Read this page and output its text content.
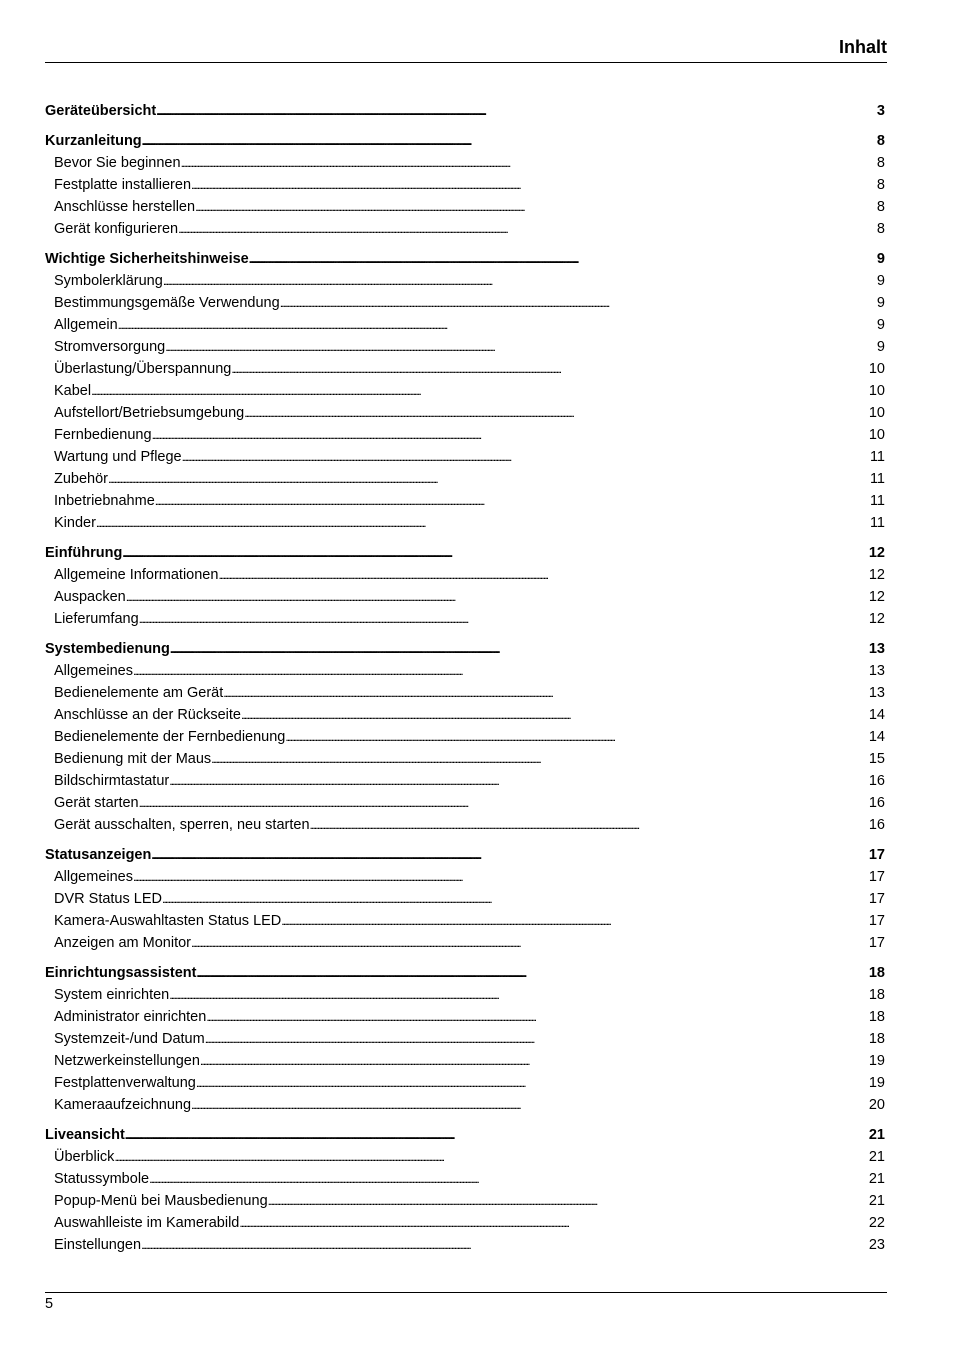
Inhalt
Geräteübersicht . . .	3
Kurzanleitung . . .	8
Bevor Sie beginnen . . .	8
Festplatte installieren . . .	8
Anschlüsse herstellen . . .	8
Gerät konfigurieren . . .	8
Wichtige Sicherheitshinweise . . .	9
Symbolerklärung . . .	9
Bestimmungsgemäße Verwendung . . .	9
Allgemein . . .	9
Stromversorgung . . .	9
Überlastung/Überspannung . . .	10
Kabel . . .	10
Aufstellort/Betriebsumgebung . . .	10
Fernbedienung . . .	10
Wartung und Pflege . . .	11
Zubehör . . .	11
Inbetriebnahme . . .	11
Kinder . . .	11
Einführung . . .	12
Allgemeine Informationen . . .	12
Auspacken . . .	12
Lieferumfang . . .	12
Systembedienung . . .	13
Allgemeines . . .	13
Bedienelemente am Gerät . . .	13
Anschlüsse an der Rückseite . . .	14
Bedienelemente der Fernbedienung . . .	14
Bedienung mit der Maus . . .	15
Bildschirmtastatur . . .	16
Gerät starten . . .	16
Gerät ausschalten, sperren, neu starten . . .	16
Statusanzeigen . . .	17
Allgemeines . . .	17
DVR Status LED . . .	17
Kamera-Auswahltasten Status LED . . .	17
Anzeigen am Monitor . . .	17
Einrichtungsassistent . . .	18
System einrichten . . .	18
Administrator einrichten . . .	18
Systemzeit-/und Datum . . .	18
Netzwerkeinstellungen . . .	19
Festplattenverwaltung . . .	19
Kameraaufzeichnung . . .	20
Liveansicht . . .	21
Überblick . . .	21
Statussymbole . . .	21
Popup-Menü bei Mausbedienung . . .	21
Auswahlleiste im Kamerabild . . .	22
Einstellungen . . .	23
5
